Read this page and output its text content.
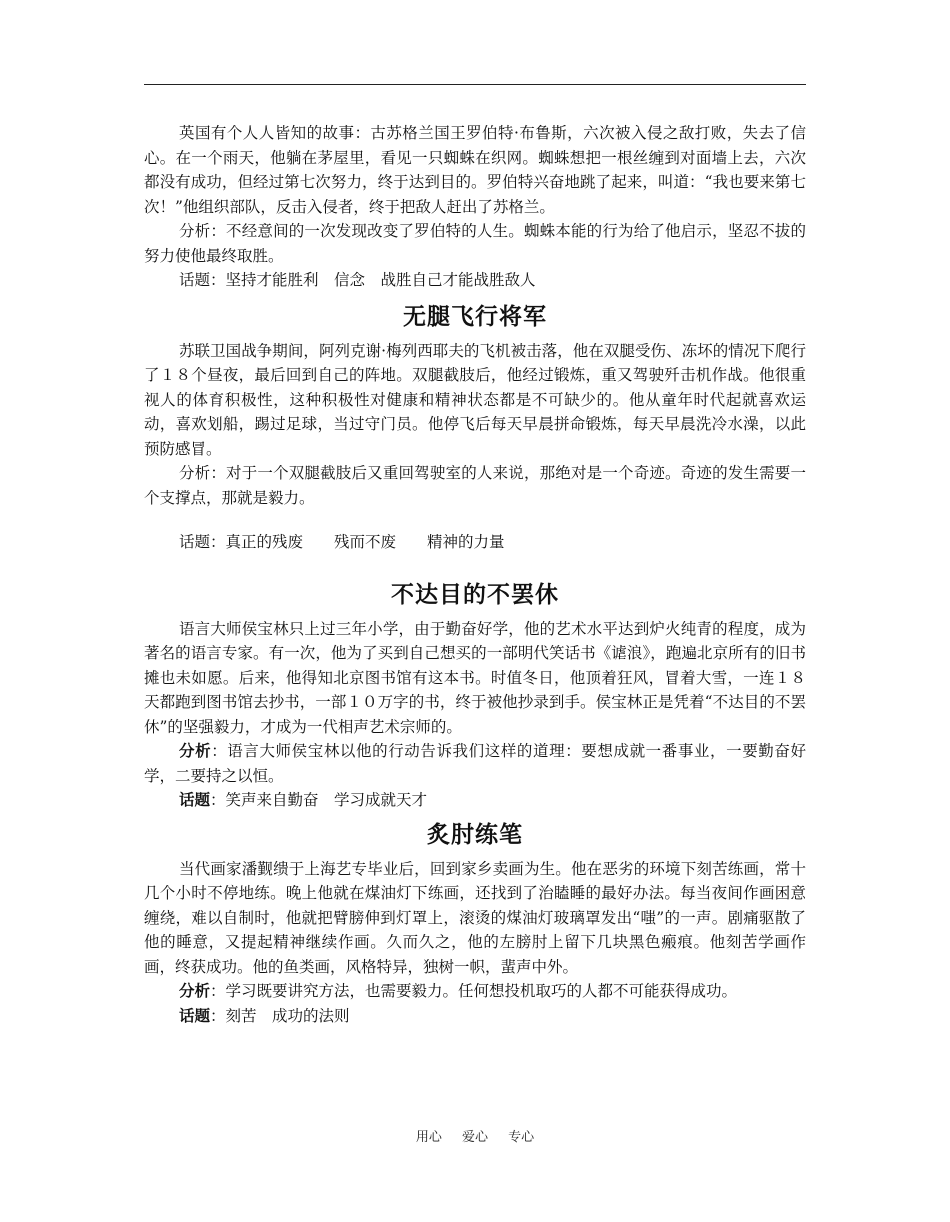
英国有个人人皆知的故事：古苏格兰国王罗伯特·布鲁斯，六次被入侵之敌打败，失去了信心。在一个雨天，他躺在茅屋里，看见一只蜘蛛在织网。蜘蛛想把一根丝缠到对面墙上去，六次都没有成功，但经过第七次努力，终于达到目的。罗伯特兴奋地跳了起来，叫道：“我也要来第七次！”他组织部队，反击入侵者，终于把敌人赶出了苏格兰。

分析：不经意间的一次发现改变了罗伯特的人生。蜘蛛本能的行为给了他启示，坚忍不拔的努力使他最终取胜。

话题：坚持才能胜利　信念　战胜自己才能战胜敌人

无腿飞行将军

苏联卫国战争期间，阿列克谢·梅列西耶夫的飞机被击落，他在双腿受伤、冻坏的情况下爬行了１８个昼夜，最后回到自己的阵地。双腿截肢后，他经过锻炼，重又驾驶歼击机作战。他很重视人的体育积极性，这种积极性对健康和精神状态都是不可缺少的。他从童年时代起就喜欢运动，喜欢划船，踢过足球，当过守门员。他停飞后每天早晨拼命锻炼，每天早晨洗冷水澡，以此预防感冒。

分析：对于一个双腿截肢后又重回驾驶室的人来说，那绝对是一个奇迹。奇迹的发生需要一个支撑点，那就是毅力。

话题：真正的残废　　残而不废　　精神的力量

不达目的不罢休

语言大师侯宝林只上过三年小学，由于勤奋好学，他的艺术水平达到炉火纯青的程度，成为著名的语言专家。有一次，他为了买到自己想买的一部明代笑话书《谑浪》，跑遍北京所有的旧书摊也未如愿。后来，他得知北京图书馆有这本书。时值冬日，他顶着狂风，冒着大雪，一连１８天都跑到图书馆去抄书，一部１０万字的书，终于被他抄录到手。侯宝林正是凭着“不达目的不罢休”的坚强毅力，才成为一代相声艺术宗师的。

分析：语言大师侯宝林以他的行动告诉我们这样的道理：要想成就一番事业，一要勤奋好学，二要持之以恒。

话题：笑声来自勤奋　学习成就天才

炙肘练笔

当代画家潘觐缋于上海艺专毕业后，回到家乡卖画为生。他在恶劣的环境下刻苦练画，常十几个小时不停地练。晚上他就在煤油灯下练画，还找到了治瞌睡的最好办法。每当夜间作画困意缠绕，难以自制时，他就把臂膀伸到灯罩上，滚烫的煤油灯玻璃罩发出“嗤”的一声。剧痛驱散了他的睡意，又提起精神继续作画。久而久之，他的左膀肘上留下几块黑色瘢痕。他刻苦学画作画，终获成功。他的鱼类画，风格特异，独树一帜，蜚声中外。

分析：学习既要讲究方法，也需要毅力。任何想投机取巧的人都不可能获得成功。

话题：刻苦　成功的法则

用心 爱心 专心
